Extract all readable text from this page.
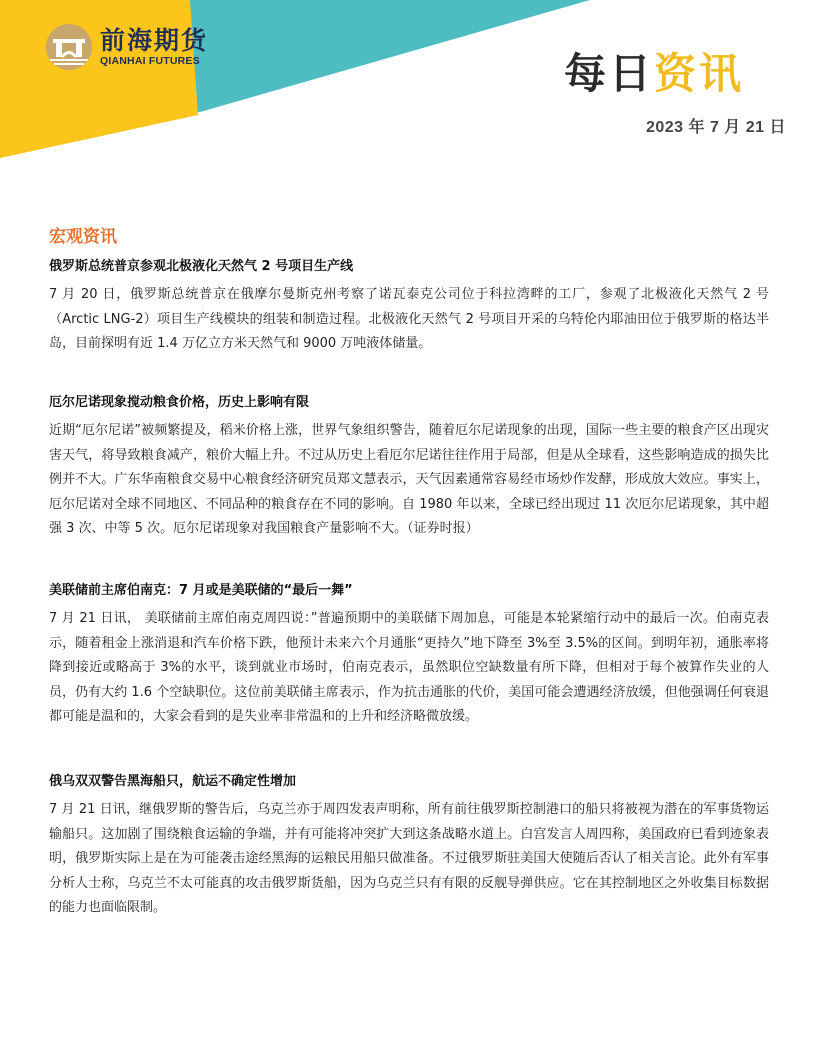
前海期货
QIANHAI FUTURES	每日资讯
2023 年 7 月 21 日
宏观资讯
俄罗斯总统普京参观北极液化天然气 2 号项目生产线
7 月 20 日，俄罗斯总统普京在俄摩尔曼斯克州考察了诺瓦泰克公司位于科拉湾畔的工厂，参观了北极液化天然气 2 号（Arctic LNG-2）项目生产线模块的组装和制造过程。北极液化天然气 2 号项目开采的乌特伦内耶油田位于俄罗斯的格达半岛，目前探明有近 1.4 万亿立方米天然气和 9000 万吨液体储量。
厄尔尼诺现象搅动粮食价格，历史上影响有限
近期“厄尔尼诺”被频繁提及，稻米价格上涨，世界气象组织警告，随着厄尔尼诺现象的出现，国际一些主要的粮食产区出现灾害天气，将导致粮食减产，粮价大幅上升。不过从历史上看厄尔尼诺往往作用于局部，但是从全球看，这些影响造成的损失比例并不大。广东华南粮食交易中心粮食经济研究员郑文慧表示，天气因素通常容易经市场炒作发酵，形成放大效应。事实上，厄尔尼诺对全球不同地区、不同品种的粮食存在不同的影响。自 1980 年以来，全球已经出现过 11 次厄尔尼诺现象，其中超强 3 次、中等 5 次。厄尔尼诺现象对我国粮食产量影响不大。（证券时报）
美联储前主席伯南克：7 月或是美联储的“最后一舞”
7 月 21 日讯， 美联储前主席伯南克周四说：”普遍预期中的美联储下周加息，可能是本轮紧缩行动中的最后一次。伯南克表示，随着租金上涨消退和汽车价格下跌，他预计未来六个月通胀“更持久”地下降至 3%至 3.5%的区间。到明年初，通胀率将降到接近或略高于 3%的水平，谈到就业市场时，伯南克表示，虽然职位空缺数量有所下降，但相对于每个被算作失业的人员，仍有大约 1.6 个空缺职位。这位前美联储主席表示，作为抗击通胀的代价，美国可能会遭遇经济放缓，但他强调任何衰退都可能是温和的，大家会看到的是失业率非常温和的上升和经济略微放缓。
俄乌双双警告黑海船只，航运不确定性增加
7 月 21 日讯，继俄罗斯的警告后，乌克兰亦于周四发表声明称，所有前往俄罗斯控制港口的船只将被视为潜在的军事货物运输船只。这加剧了围绕粮食运输的争端，并有可能将冲突扩大到这条战略水道上。白宫发言人周四称，美国政府已看到迹象表明，俄罗斯实际上是在为可能袭击途经黑海的运粮民用船只做准备。不过俄罗斯驻美国大使随后否认了相关言论。此外有军事分析人士称，乌克兰不太可能真的攻击俄罗斯货船，因为乌克兰只有有限的反舰导弹供应。它在其控制地区之外收集目标数据的能力也面临限制。
